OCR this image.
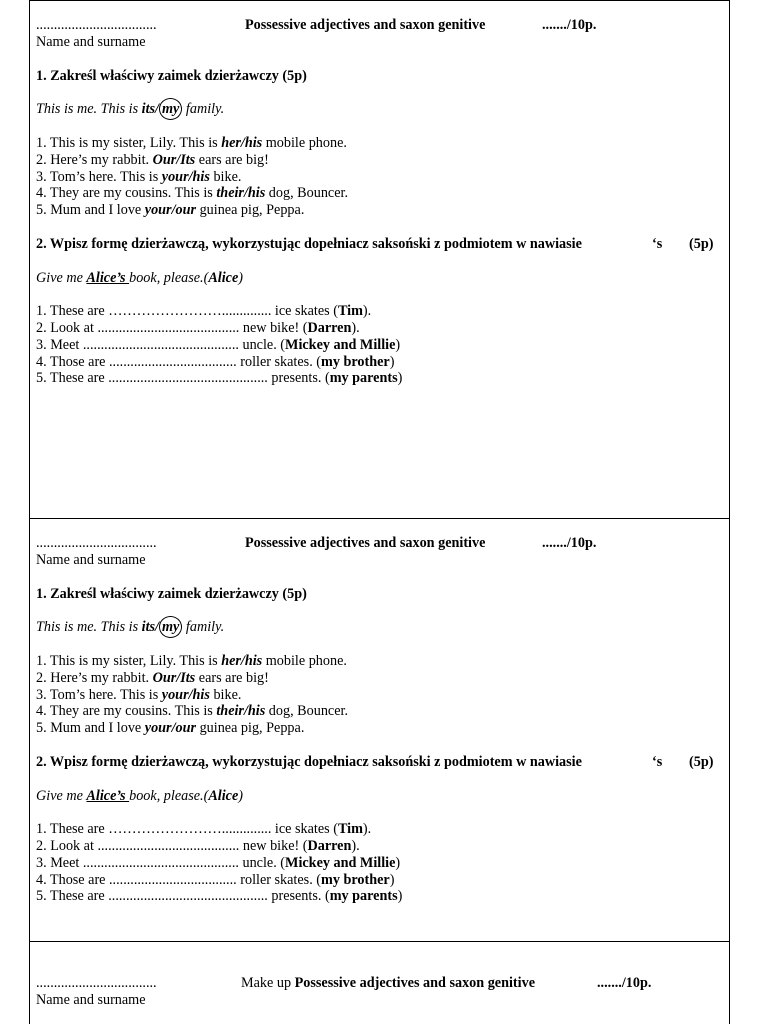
..................................	Possessive adjectives and saxon genitive	......./10p.
Name and surname
1. Zakreśl właściwy zaimek dzierżawczy (5p)
This is me. This is its/ my family.
1. This is my sister, Lily. This is her/his mobile phone.
2. Here’s my rabbit. Our/Its ears are big!
3. Tom’s here. This is your/his bike.
4. They are my cousins. This is their/his dog, Bouncer.
5. Mum and I love your/our guinea pig, Peppa.
2. Wpisz formę dzierżawczą, wykorzystując dopełniacz saksoński z podmiotem w nawiasie	‘s (5p)
Give me Alice’s book, please.(Alice)
1. These are …………………….............. ice skates (Tim).
2. Look at ........................................ new bike! (Darren).
3. Meet ............................................ uncle. (Mickey and Millie)
4. Those are .................................... roller skates. (my brother)
5. These are ............................................. presents. (my parents)
..................................	Possessive adjectives and saxon genitive	......./10p.
Name and surname
1. Zakreśl właściwy zaimek dzierżawczy (5p)
This is me. This is its/ my family.
1. This is my sister, Lily. This is her/his mobile phone.
2. Here’s my rabbit. Our/Its ears are big!
3. Tom’s here. This is your/his bike.
4. They are my cousins. This is their/his dog, Bouncer.
5. Mum and I love your/our guinea pig, Peppa.
2. Wpisz formę dzierżawczą, wykorzystując dopełniacz saksoński z podmiotem w nawiasie	‘s (5p)
Give me Alice’s book, please.(Alice)
1. These are …………………….............. ice skates (Tim).
2. Look at ........................................ new bike! (Darren).
3. Meet ............................................ uncle. (Mickey and Millie)
4. Those are .................................... roller skates. (my brother)
5. These are ............................................. presents. (my parents)
..................................	Make up Possessive adjectives and saxon genitive	......./10p.
Name and surname
